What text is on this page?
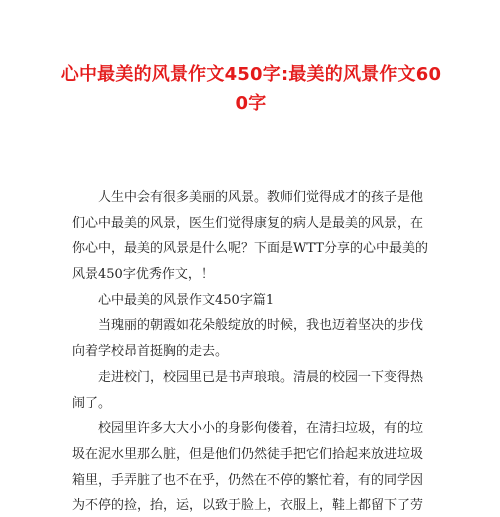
心中最美的风景作文450字:最美的风景作文60
0字
人生中会有很多美丽的风景。教师们觉得成才的孩子是他
们心中最美的风景，医生们觉得康复的病人是最美的风景，在
你心中，最美的风景是什么呢？下面是WTT分享的心中最美的
风景450字优秀作文，！
心中最美的风景作文450字篇1
当瑰丽的朝霞如花朵般绽放的时候，我也迈着坚决的步伐
向着学校昂首挺胸的走去。
走进校门，校园里已是书声琅琅。清晨的校园一下变得热
闹了。
校园里许多大大小小的身影佝偻着，在清扫垃圾，有的垃
圾在泥水里那么脏，但是他们仍然徒手把它们拾起来放进垃圾
箱里，手弄脏了也不在乎，仍然在不停的繁忙着，有的同学因
为不停的捡，抬，运，以致于脸上，衣服上，鞋上都留下了劳
